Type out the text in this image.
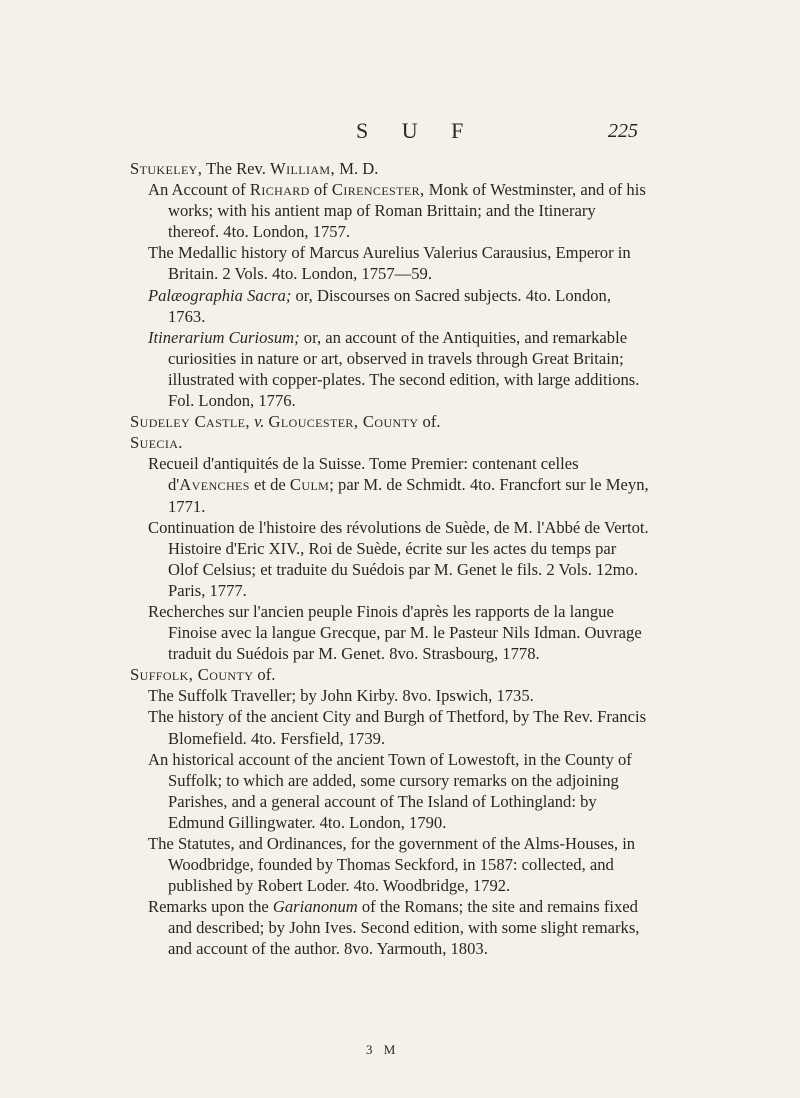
S U F	225

Stukeley, The Rev. William, M. D.

An Account of Richard of Cirencester, Monk of Westminster, and of his works; with his antient map of Roman Brittain; and the Itinerary thereof. 4to. London, 1757.

The Medallic history of Marcus Aurelius Valerius Carausius, Emperor in Britain. 2 Vols. 4to. London, 1757—59.

Palæographia Sacra; or, Discourses on Sacred subjects. 4to. London, 1763.

Itinerarium Curiosum; or, an account of the Antiquities, and remarkable curiosities in nature or art, observed in travels through Great Britain; illustrated with copper-plates. The second edition, with large additions. Fol. London, 1776.

Sudeley Castle, v. Gloucester, County of.

Suecia.

Recueil d'antiquités de la Suisse. Tome Premier: contenant celles d'Avenches et de Culm; par M. de Schmidt. 4to. Francfort sur le Meyn, 1771.

Continuation de l'histoire des révolutions de Suède, de M. l'Abbé de Vertot. Histoire d'Eric XIV., Roi de Suède, écrite sur les actes du temps par Olof Celsius; et traduite du Suédois par M. Genet le fils. 2 Vols. 12mo. Paris, 1777.

Recherches sur l'ancien peuple Finois d'après les rapports de la langue Finoise avec la langue Grecque, par M. le Pasteur Nils Idman. Ouvrage traduit du Suédois par M. Genet. 8vo. Strasbourg, 1778.

Suffolk, County of.

The Suffolk Traveller; by John Kirby. 8vo. Ipswich, 1735.

The history of the ancient City and Burgh of Thetford, by The Rev. Francis Blomefield. 4to. Fersfield, 1739.

An historical account of the ancient Town of Lowestoft, in the County of Suffolk; to which are added, some cursory remarks on the adjoining Parishes, and a general account of The Island of Lothingland: by Edmund Gillingwater. 4to. London, 1790.

The Statutes, and Ordinances, for the government of the Alms-Houses, in Woodbridge, founded by Thomas Seckford, in 1587: collected, and published by Robert Loder. 4to. Woodbridge, 1792.

Remarks upon the Garianonum of the Romans; the site and remains fixed and described; by John Ives. Second edition, with some slight remarks, and account of the author. 8vo. Yarmouth, 1803.

3 M
